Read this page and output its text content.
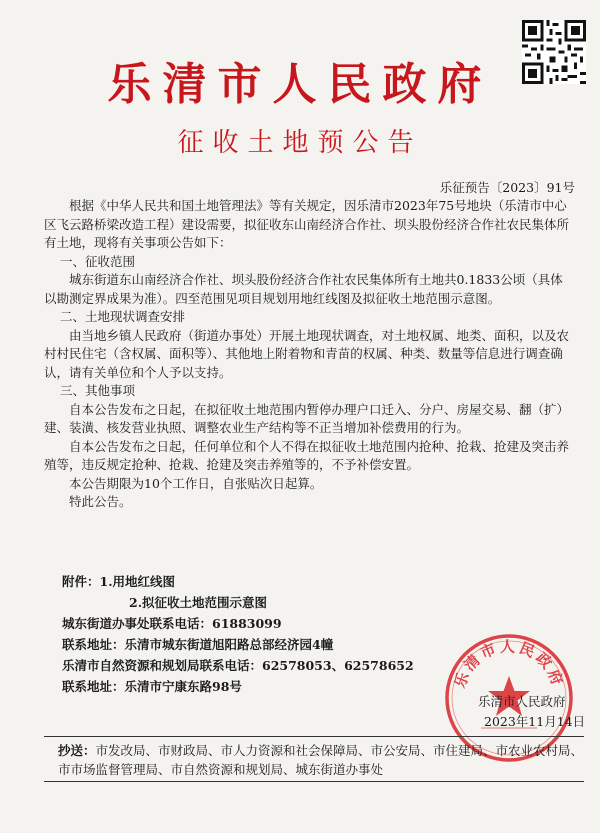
乐清市人民政府
征收土地预公告
乐征预告〔2023〕91号

根据《中华人民共和国土地管理法》等有关规定，因乐清市2023年75号地块（乐清市中心区飞云路桥梁改造工程）建设需要，拟征收东山南经济合作社、坝头股份经济合作社农民集体所有土地，现将有关事项公告如下：

一、征收范围

城东街道东山南经济合作社、坝头股份经济合作社农民集体所有土地共0.1833公顷（具体以勘测定界成果为准）。四至范围见项目规划用地红线图及拟征收土地范围示意图。

二、土地现状调查安排

由当地乡镇人民政府（街道办事处）开展土地现状调查，对土地权属、地类、面积，以及农村村民住宅（含权属、面积等）、其他地上附着物和青苗的权属、种类、数量等信息进行调查确认，请有关单位和个人予以支持。

三、其他事项

自本公告发布之日起，在拟征收土地范围内暂停办理户口迁入、分户、房屋交易、翻（扩）建、装潢、核发营业执照、调整农业生产结构等不正当增加补偿费用的行为。

自本公告发布之日起，任何单位和个人不得在拟征收土地范围内抢种、抢栽、抢建及突击养殖等，违反规定抢种、抢栽、抢建及突击养殖等的，不予补偿安置。

本公告期限为10个工作日，自张贴次日起算。

特此公告。

附件：1.用地红线图

2.拟征收土地范围示意图

城东街道办事处联系电话：61883099

联系地址：乐清市城东街道旭阳路总部经济园4幢

乐清市自然资源和规划局联系电话：62578053、62578652

联系地址：乐清市宁康东路98号	乐清市人民政府
乐清市人民政府
2023年11月14日
抄送：市发改局、市财政局、市人力资源和社会保障局、市公安局、市住建局、市农业农村局、市市场监督管理局、市自然资源和规划局、城东街道办事处
